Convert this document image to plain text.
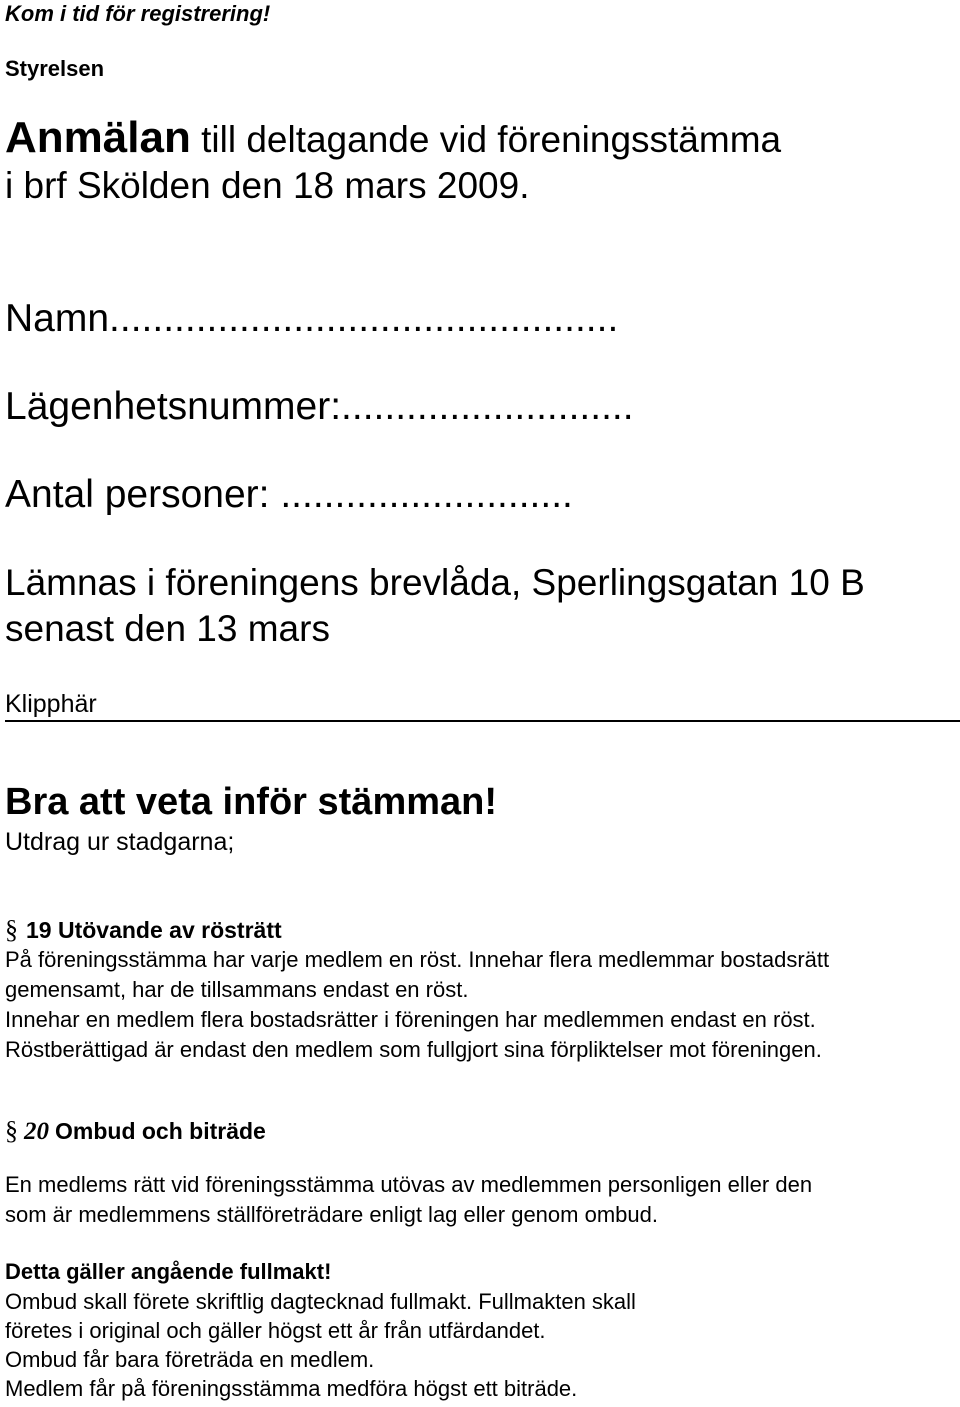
Kom i tid för registrering!
Styrelsen
Anmälan till deltagande vid föreningsstämma
i brf Skölden den 18 mars 2009.
Namn...............................................
Lägenhetsnummer:...........................
Antal personer: ...........................
Lämnas i föreningens brevlåda, Sperlingsgatan 10 B
senast den 13 mars
Klipphär
Bra att veta inför stämman!
Utdrag ur stadgarna;
§ 19 Utövande av rösträtt
På föreningsstämma har varje medlem en röst. Innehar flera medlemmar bostadsrätt
gemensamt, har de tillsammans endast en röst.
Innehar en medlem flera bostadsrätter i föreningen har medlemmen endast en röst.
Röstberättigad är endast den medlem som fullgjort sina förpliktelser mot föreningen.
§ 20 Ombud och biträde
En medlems rätt vid föreningsstämma utövas av medlemmen personligen eller den
som är medlemmens ställföreträdare enligt lag eller genom ombud.
Detta gäller angående fullmakt!
Ombud skall förete skriftlig dagtecknad fullmakt. Fullmakten skall
företes i original och gäller högst ett år från utfärdandet.
Ombud får bara företräda en medlem.
Medlem får på föreningsstämma medföra högst ett biträde.
